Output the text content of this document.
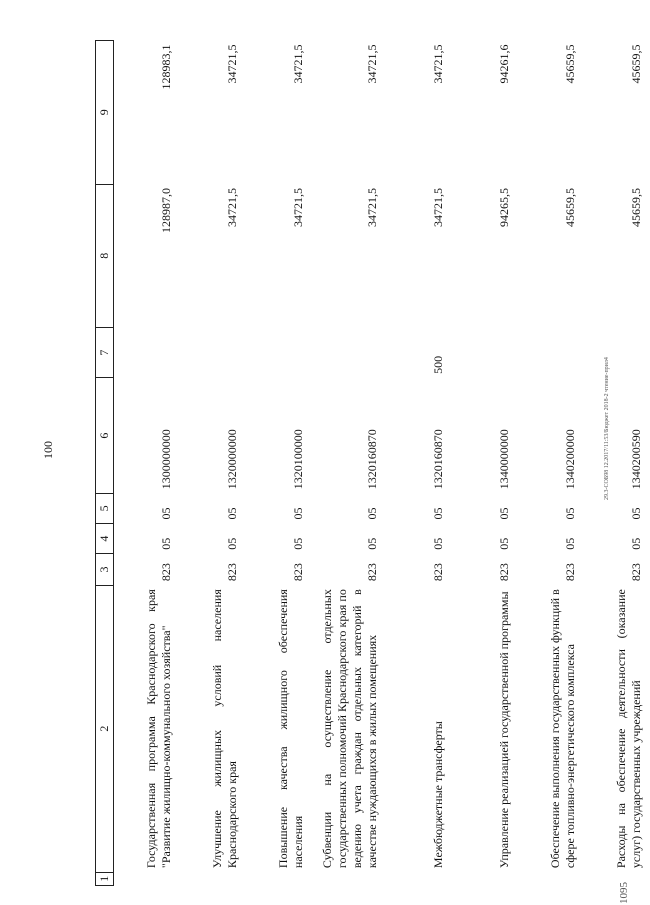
100
1	2	3	4	5	6	7	8	9
	Государственная программа Краснодарского края "Развитие жилищно-коммунального хозяйства"	823	05	05	1300000000		128987,0	128983,1
	Улучшение жилищных условий населения Краснодарского края	823	05	05	1320000000		34721,5	34721,5
	Повышение качества жилищного обеспечения населения	823	05	05	1320100000		34721,5	34721,5
	Субвенции на осуществление отдельных государственных полномочий Краснодарского края по ведению учета граждан отдельных категорий в качестве нуждающихся в жилых помещениях	823	05	05	1320160870		34721,5	34721,5
	Межбюджетные трансферты	823	05	05	1320160870	500	34721,5	34721,5
	Управление реализацией государственной программы	823	05	05	1340000000		94265,5	94261,6
	Обеспечение выполнения государственных функций в сфере топливно-энергетического комплекса	823	05	05	1340200000		45659,5	45659,5
	Расходы на обеспечение деятельности (оказание услуг) государственных учреждений	823	05	05	1340200590		45659,5	45659,5
29.3-СОБ98 12.2017/11:53/Бюджет 2018-2 чтение-прил4
1095
